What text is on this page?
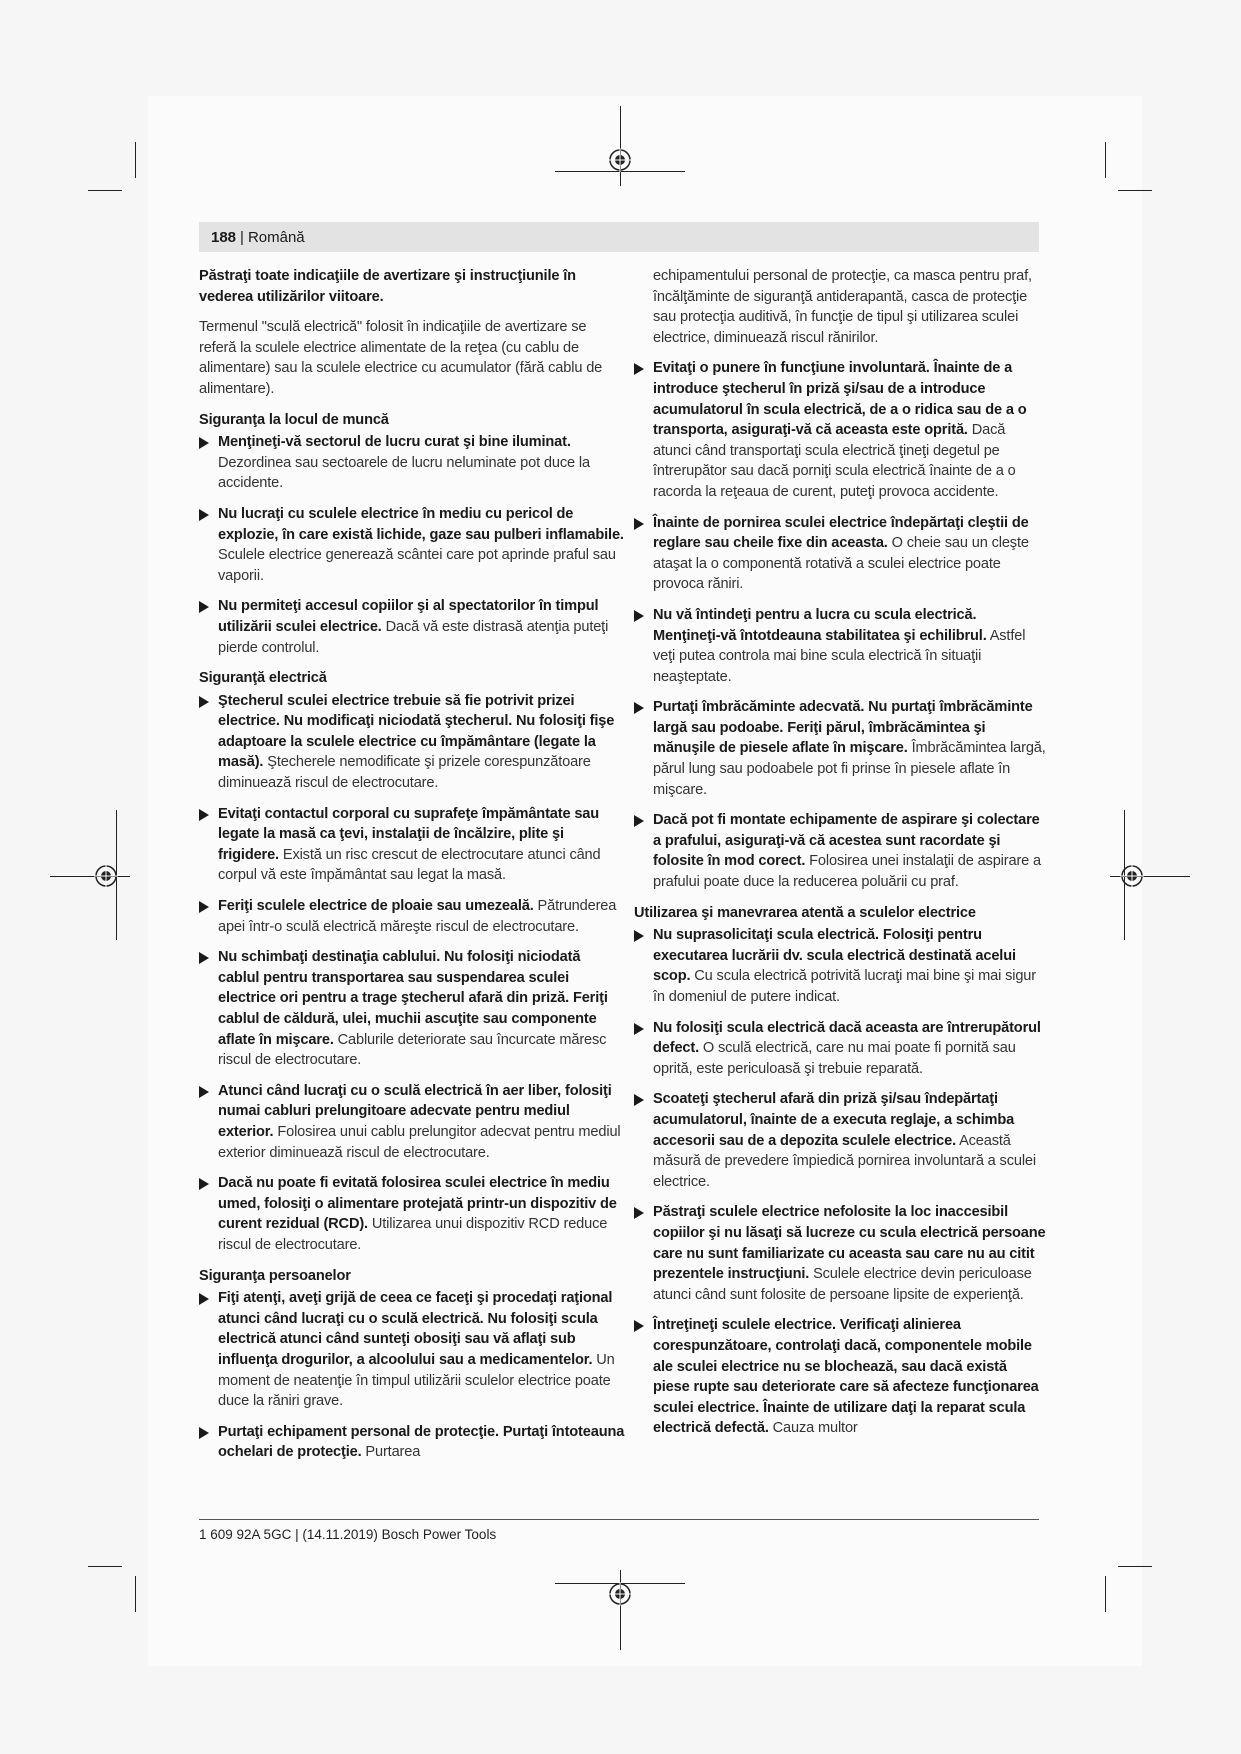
188 | Română

Păstraţi toate indicaţiile de avertizare şi instrucţiunile în vederea utilizărilor viitoare.

Termenul "sculă electrică" folosit în indicaţiile de avertizare se referă la sculele electrice alimentate de la reţea (cu cablu de alimentare) sau la sculele electrice cu acumulator (fără cablu de alimentare).

Siguranţa la locul de muncă
Menţineţi-vă sectorul de lucru curat şi bine iluminat. Dezordinea sau sectoarele de lucru neluminate pot duce la accidente.
Nu lucraţi cu sculele electrice în mediu cu pericol de explozie, în care există lichide, gaze sau pulberi inflamabile. Sculele electrice generează scântei care pot aprinde praful sau vaporii.
Nu permiteţi accesul copiilor şi al spectatorilor în timpul utilizării sculei electrice. Dacă vă este distrasă atenţia puteţi pierde controlul.
Siguranţă electrică
Ştecherul sculei electrice trebuie să fie potrivit prizei electrice. Nu modificaţi niciodată ştecherul. Nu folosiţi fişe adaptoare la sculele electrice cu împământare (legate la masă). Ştecherele nemodificate şi prizele corespunzătoare diminuează riscul de electrocutare.
Evitaţi contactul corporal cu suprafeţe împământate sau legate la masă ca ţevi, instalaţii de încălzire, plite şi frigidere. Există un risc crescut de electrocutare atunci când corpul vă este împământat sau legat la masă.
Feriţi sculele electrice de ploaie sau umezeală. Pătrunderea apei într-o sculă electrică măreşte riscul de electrocutare.
Nu schimbaţi destinaţia cablului. Nu folosiţi niciodată cablul pentru transportarea sau suspendarea sculei electrice ori pentru a trage ştecherul afară din priză. Feriţi cablul de căldură, ulei, muchii ascuţite sau componente aflate în mişcare. Cablurile deteriorate sau încurcate măresc riscul de electrocutare.
Atunci când lucraţi cu o sculă electrică în aer liber, folosiţi numai cabluri prelungitoare adecvate pentru mediul exterior. Folosirea unui cablu prelungitor adecvat pentru mediul exterior diminuează riscul de electrocutare.
Dacă nu poate fi evitată folosirea sculei electrice în mediu umed, folosiţi o alimentare protejată printr-un dispozitiv de curent rezidual (RCD). Utilizarea unui dispozitiv RCD reduce riscul de electrocutare.
Siguranţa persoanelor
Fiţi atenţi, aveţi grijă de ceea ce faceţi şi procedaţi raţional atunci când lucraţi cu o sculă electrică. Nu folosiţi scula electrică atunci când sunteţi obosiţi sau vă aflaţi sub influenţa drogurilor, a alcoolului sau a medicamentelor. Un moment de neatenţie în timpul utilizării sculelor electrice poate duce la răniri grave.
Purtaţi echipament personal de protecţie. Purtaţi întoteauna ochelari de protecţie. Purtarea

echipamentului personal de protecţie, ca masca pentru praf, încălţăminte de siguranţă antiderapantă, casca de protecţie sau protecţia auditivă, în funcţie de tipul şi utilizarea sculei electrice, diminuează riscul rănirilor.

Evitaţi o punere în funcţiune involuntară. Înainte de a introduce ştecherul în priză şi/sau de a introduce acumulatorul în scula electrică, de a o ridica sau de a o transporta, asiguraţi-vă că aceasta este oprită. Dacă atunci când transportaţi scula electrică ţineţi degetul pe întrerupător sau dacă porniţi scula electrică înainte de a o racorda la reţeaua de curent, puteţi provoca accidente.
Înainte de pornirea sculei electrice îndepărtaţi cleştii de reglare sau cheile fixe din aceasta. O cheie sau un cleşte ataşat la o componentă rotativă a sculei electrice poate provoca răniri.
Nu vă întindeţi pentru a lucra cu scula electrică. Menţineţi-vă întotdeauna stabilitatea şi echilibrul. Astfel veţi putea controla mai bine scula electrică în situaţii neaşteptate.
Purtaţi îmbrăcăminte adecvată. Nu purtaţi îmbrăcăminte largă sau podoabe. Feriţi părul, îmbrăcămintea şi mănuşile de piesele aflate în mişcare. Îmbrăcămintea largă, părul lung sau podoabele pot fi prinse în piesele aflate în mişcare.
Dacă pot fi montate echipamente de aspirare şi colectare a prafului, asiguraţi-vă că acestea sunt racordate şi folosite în mod corect. Folosirea unei instalaţii de aspirare a prafului poate duce la reducerea poluării cu praf.
Utilizarea şi manevrarea atentă a sculelor electrice
Nu suprasolicitaţi scula electrică. Folosiţi pentru executarea lucrării dv. scula electrică destinată acelui scop. Cu scula electrică potrivită lucraţi mai bine şi mai sigur în domeniul de putere indicat.
Nu folosiţi scula electrică dacă aceasta are întrerupătorul defect. O sculă electrică, care nu mai poate fi pornită sau oprită, este periculoasă şi trebuie reparată.
Scoateţi ştecherul afară din priză şi/sau îndepărtaţi acumulatorul, înainte de a executa reglaje, a schimba accesorii sau de a depozita sculele electrice. Această măsură de prevedere împiedică pornirea involuntară a sculei electrice.
Păstraţi sculele electrice nefolosite la loc inaccesibil copiilor şi nu lăsaţi să lucreze cu scula electrică persoane care nu sunt familiarizate cu aceasta sau care nu au citit prezentele instrucţiuni. Sculele electrice devin periculoase atunci când sunt folosite de persoane lipsite de experienţă.
Întreţineţi sculele electrice. Verificaţi alinierea corespunzătoare, controlaţi dacă, componentele mobile ale sculei electrice nu se blochează, sau dacă există piese rupte sau deteriorate care să afecteze funcţionarea sculei electrice. Înainte de utilizare daţi la reparat scula electrică defectă. Cauza multor
1 609 92A 5GC | (14.11.2019) Bosch Power Tools
